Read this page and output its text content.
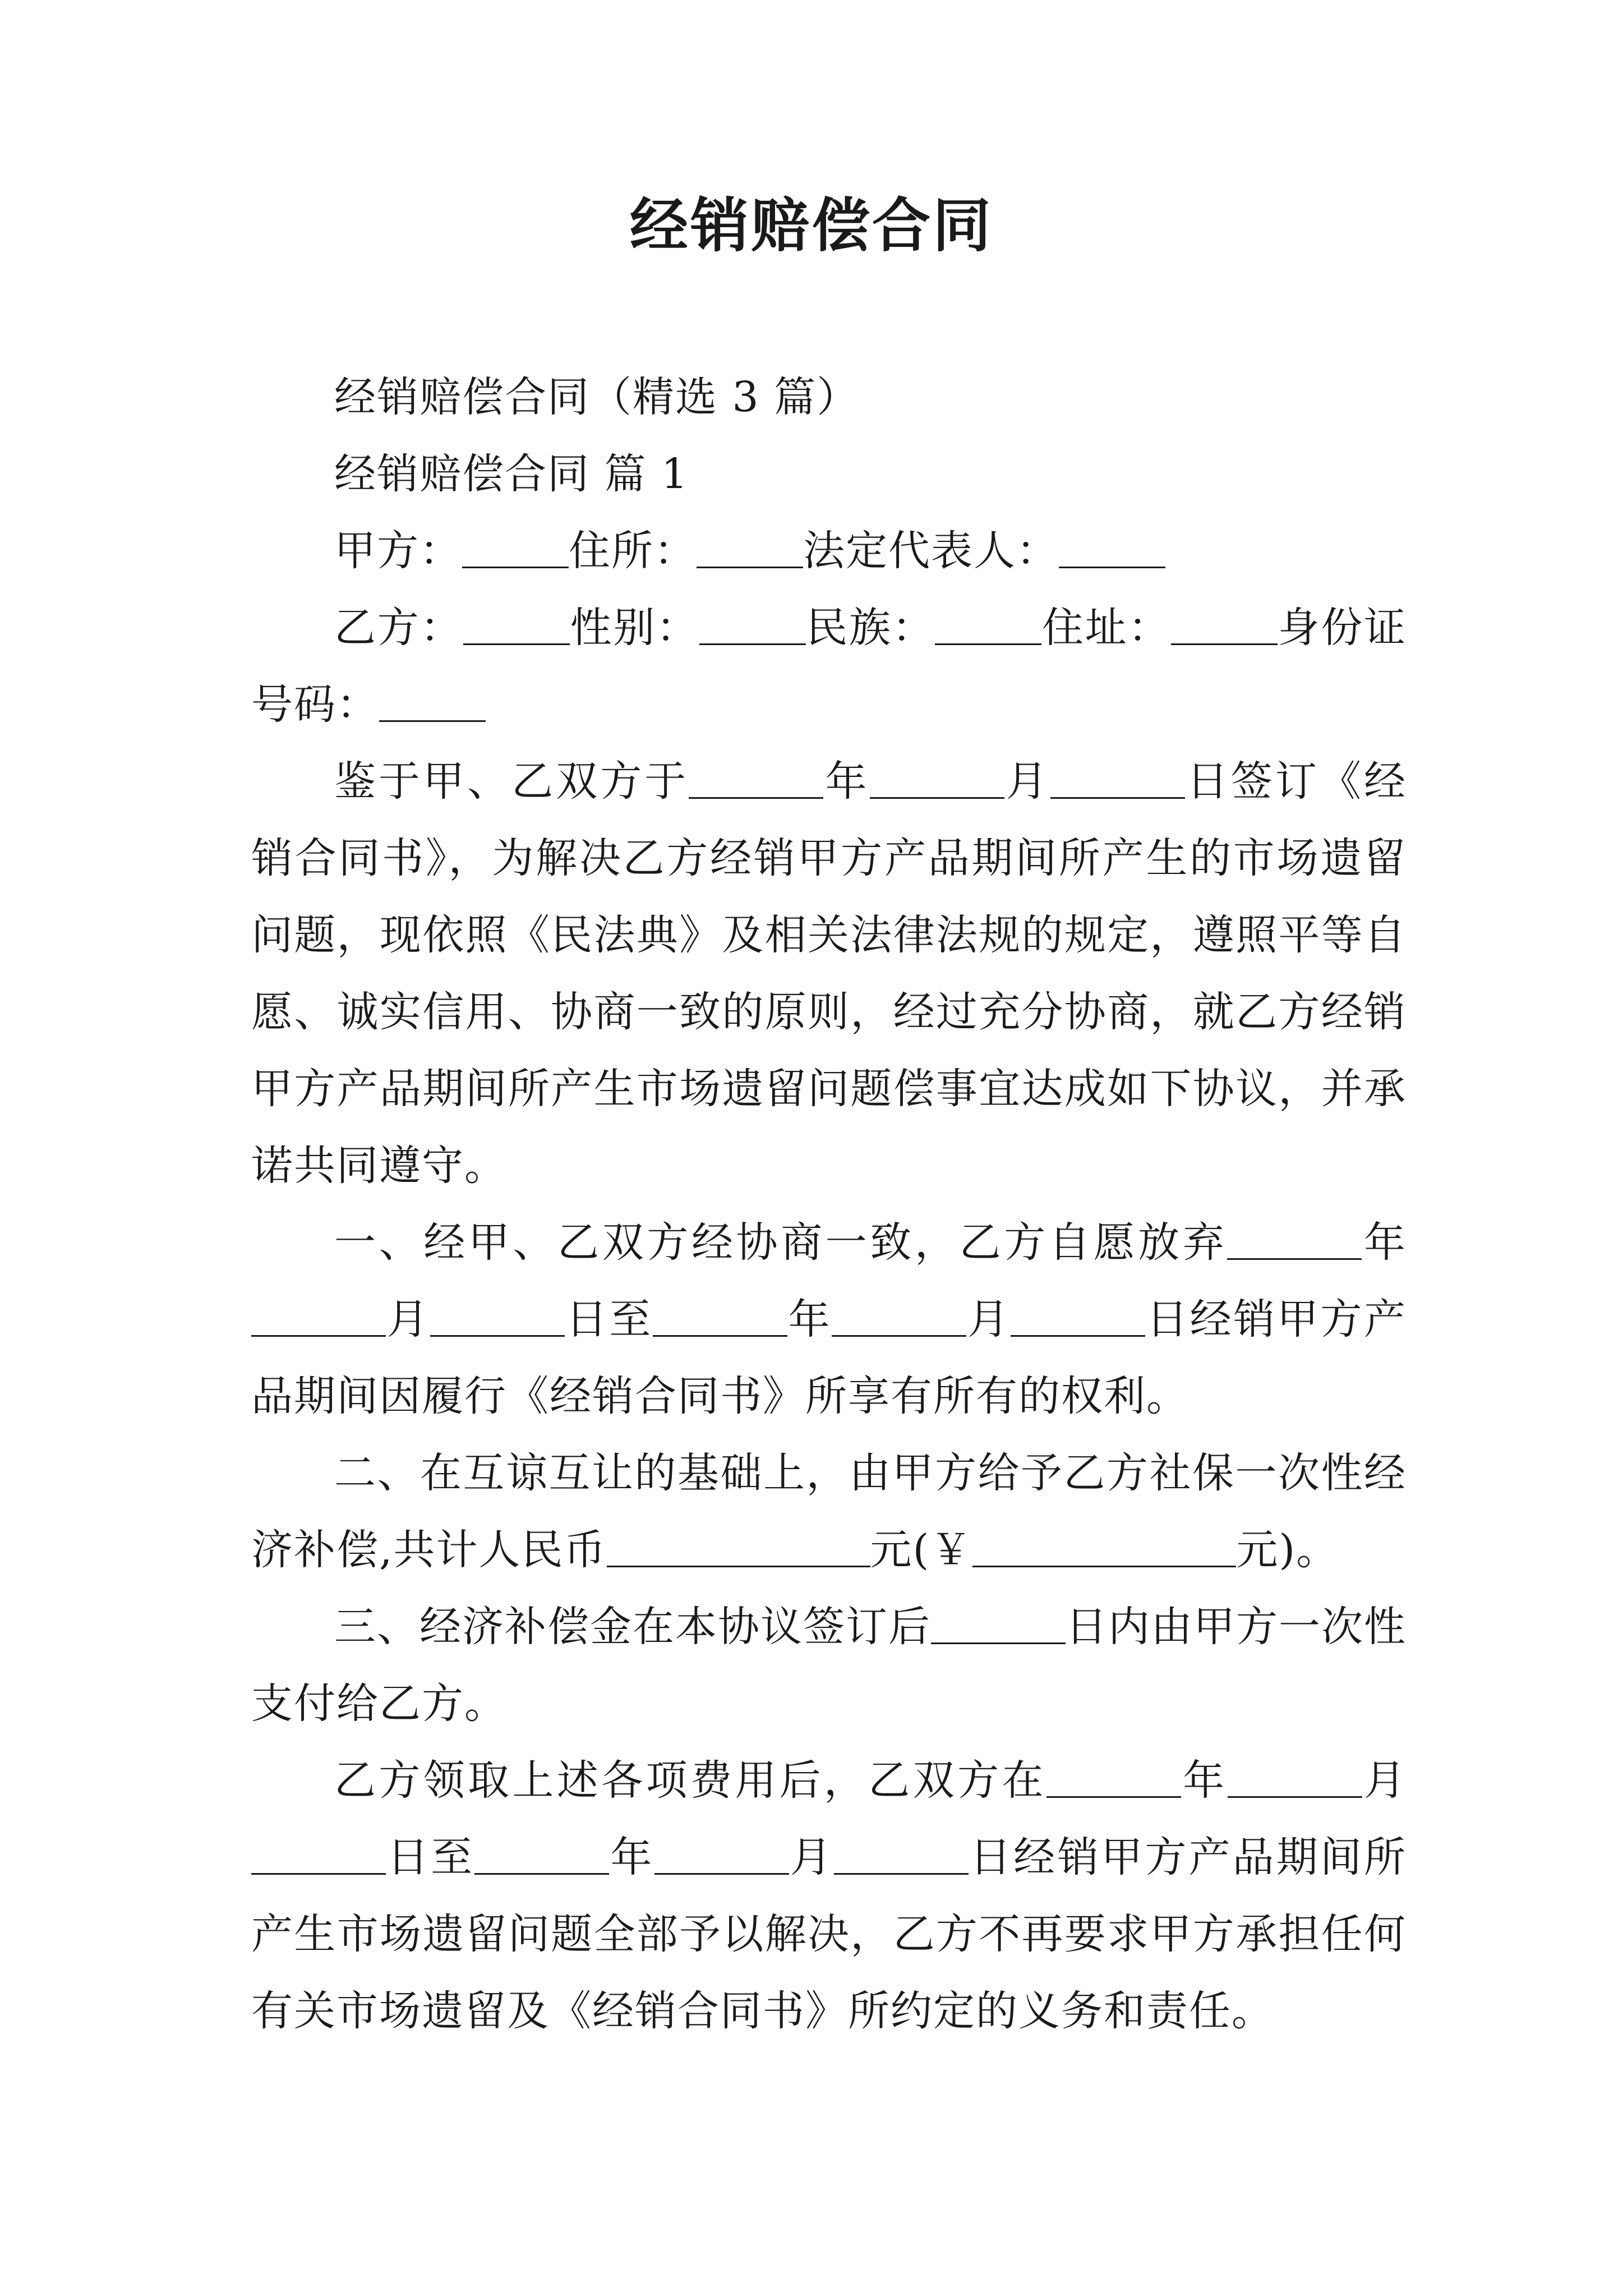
经销赔偿合同

经销赔偿合同（精选 3 篇）

经销赔偿合同 篇 1

甲方：	住所：	法定代表人：

乙方：	性别：	民族：	住址：	身份证号码：

鉴于甲、乙双方于	年	月	日签订《经销合同书》，为解决乙方经销甲方产品期间所产生的市场遗留问题，现依照《民法典》及相关法律法规的规定，遵照平等自愿、诚实信用、协商一致的原则，经过充分协商，就乙方经销甲方产品期间所产生市场遗留问题偿事宜达成如下协议，并承诺共同遵守。

一、经甲、乙双方经协商一致，乙方自愿放弃	年月	日至	年	月	日经销甲方产品期间因履行《经销合同书》所享有所有的权利。

二、在互谅互让的基础上，由甲方给予乙方社保一次性经济补偿,共计人民币	元(￥	元)。

三、经济补偿金在本协议签订后	日内由甲方一次性支付给乙方。

乙方领取上述各项费用后，乙双方在	年	月日至	年	月	日经销甲方产品期间所产生市场遗留问题全部予以解决，乙方不再要求甲方承担任何有关市场遗留及《经销合同书》所约定的义务和责任。
